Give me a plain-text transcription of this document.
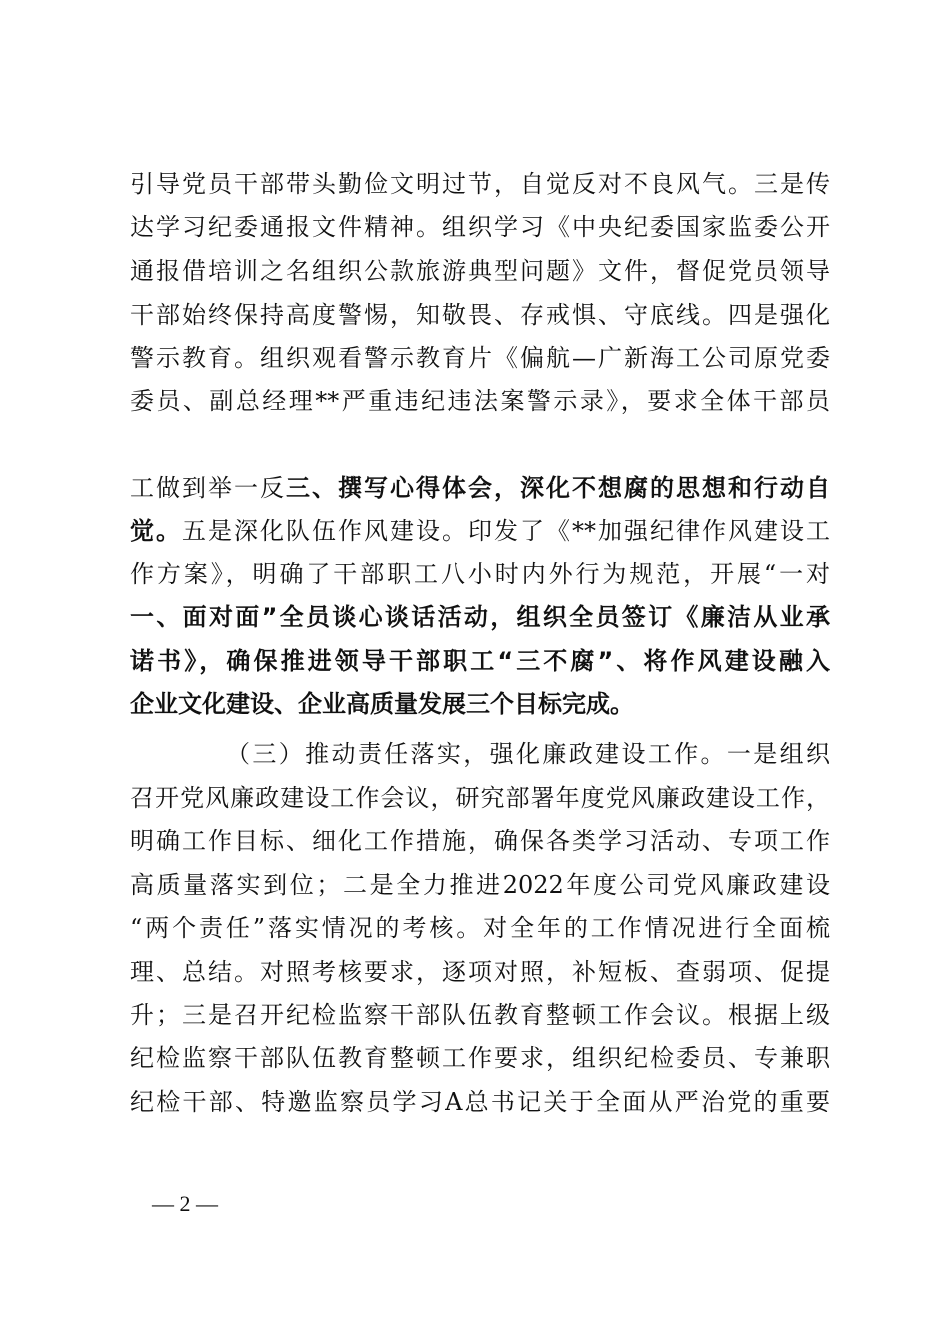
引导党员干部带头勤俭文明过节，自觉反对不良风气。三是传
达学习纪委通报文件精神。组织学习《中央纪委国家监委公开
通报借培训之名组织公款旅游典型问题》文件，督促党员领导
干部始终保持高度警惕，知敬畏、存戒惧、守底线。四是强化
警示教育。组织观看警示教育片《偏航—广新海工公司原党委
委员、副总经理**严重违纪违法案警示录》，要求全体干部员
工做到举一反三、撰写心得体会，深化不想腐的思想和行动自
觉。五是深化队伍作风建设。印发了《**加强纪律作风建设工
作方案》，明确了干部职工八小时内外行为规范，开展“一对
一、面对面”全员谈心谈话活动，组织全员签订《廉洁从业承
诺书》，确保推进领导干部职工“三不腐”、将作风建设融入
企业文化建设、企业高质量发展三个目标完成。
（三）推动责任落实，强化廉政建设工作。一是组织
召开党风廉政建设工作会议，研究部署年度党风廉政建设工作，
明确工作目标、细化工作措施，确保各类学习活动、专项工作
高质量落实到位；二是全力推进2022年度公司党风廉政建设
“两个责任”落实情况的考核。对全年的工作情况进行全面梳
理、总结。对照考核要求，逐项对照，补短板、查弱项、促提
升；三是召开纪检监察干部队伍教育整顿工作会议。根据上级
纪检监察干部队伍教育整顿工作要求，组织纪检委员、专兼职
纪检干部、特邀监察员学习A总书记关于全面从严治党的重要
— 2 —
